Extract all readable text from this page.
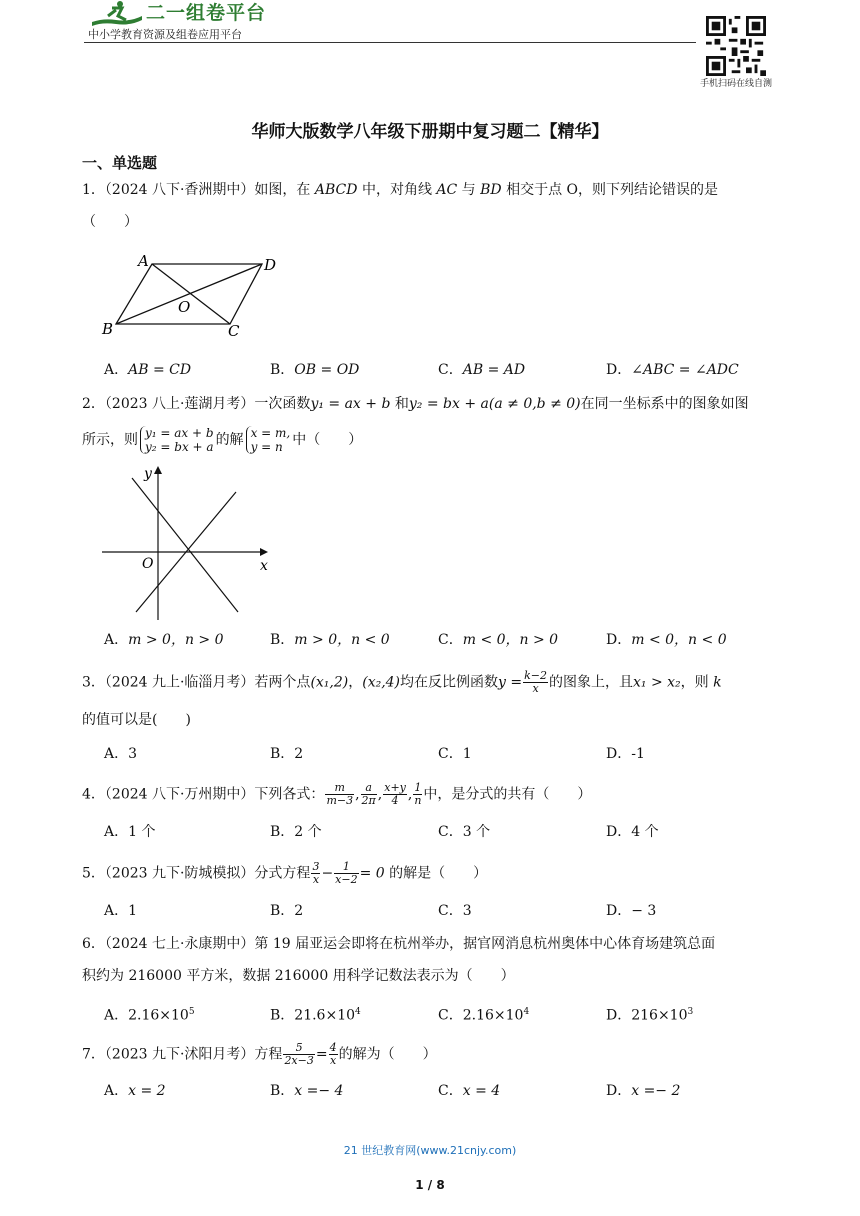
二一组卷平台
中小学教育资源及组卷应用平台
手机扫码在线自测
华师大版数学八年级下册期中复习题二【精华】
一、单选题
1．（2024 八下·香洲期中）如图，在 ABCD 中，对角线 AC 与 BD 相交于点 O，则下列结论错误的是
（　　）
A	D
O
B	C
A．AB = CD	B．OB = OD	C．AB = AD	D．∠ABC = ∠ADC
2．（2023 八上·莲湖月考）一次函数y₁ = ax + b 和y₂ = bx + a(a ≠ 0,b ≠ 0)在同一坐标系中的图象如图
所示，则 y₁ = ax + b
y₂ = bx + a 的解 x = m,
y = n 中（　　）
y
O	x
A．m > 0，n > 0	B．m > 0，n < 0	C．m < 0，n > 0	D．m < 0，n < 0
3．（2024 九上·临淄月考）若两个点(x₁,2)，(x₂,4)均在反比例函数$y = \frac{k-2}{x}$ 的图象上，且x₁ > x₂，则 k
的值可以是(　　)
A．3	B．2	C．1	D．-1
4．（2024 八下·万州期中）下列各式： $\frac{m}{m-3}$ , $\frac{a}{2\pi}$ , $\frac{x+y}{4}$ , $\frac{1}{n}$ 中，是分式的共有（　　）
A．1 个	B．2 个	C．3 个	D．4 个
5．（2023 九下·防城模拟）分式方程 $\frac{3}{x} - \frac{1}{x-2} = 0$ 的解是（　　）
A．1	B．2	C．3	D．− 3
6．（2024 七上·永康期中）第 19 届亚运会即将在杭州举办，据官网消息杭州奥体中心体育场建筑总面
积约为 216000 平方米，数据 216000 用科学记数法表示为（　　）
A．$2.16\times 10^5$	B．$21.6\times 10^4$	C．$2.16\times 10^4$	D．$216\times 10^3$
7．（2023 九下·沭阳月考）方程 $\frac{5}{2x-3} = \frac{4}{x}$ 的解为（　　）
A．x = 2	B．x =− 4	C．x = 4	D．x =− 2
21 世纪教育网(www.21cnjy.com)
1 / 8
